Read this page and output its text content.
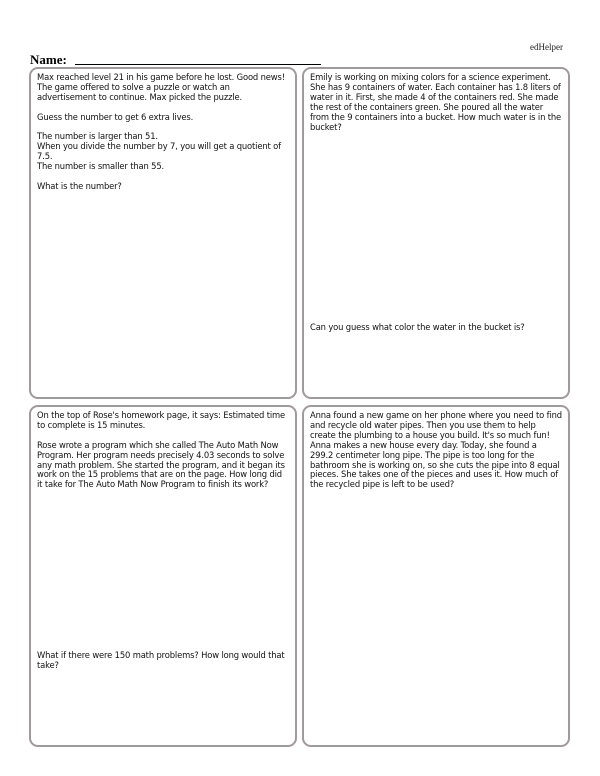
edHelper
Name:

Max reached level 21 in his game before he lost. Good news! The game offered to solve a puzzle or watch an advertisement to continue. Max picked the puzzle.

Guess the number to get 6 extra lives.

The number is larger than 51.

When you divide the number by 7, you will get a quotient of 7.5.

The number is smaller than 55.

What is the number?

Emily is working on mixing colors for a science experiment. She has 9 containers of water. Each container has 1.8 liters of water in it. First, she made 4 of the containers red. She made the rest of the containers green. She poured all the water from the 9 containers into a bucket. How much water is in the bucket?

Can you guess what color the water in the bucket is?

On the top of Rose's homework page, it says: Estimated time to complete is 15 minutes.

Rose wrote a program which she called The Auto Math Now Program. Her program needs precisely 4.03 seconds to solve any math problem. She started the program, and it began its work on the 15 problems that are on the page. How long did it take for The Auto Math Now Program to finish its work?

What if there were 150 math problems? How long would that take?

Anna found a new game on her phone where you need to find and recycle old water pipes. Then you use them to help create the plumbing to a house you build. It's so much fun! Anna makes a new house every day. Today, she found a 299.2 centimeter long pipe. The pipe is too long for the bathroom she is working on, so she cuts the pipe into 8 equal pieces. She takes one of the pieces and uses it. How much of the recycled pipe is left to be used?
